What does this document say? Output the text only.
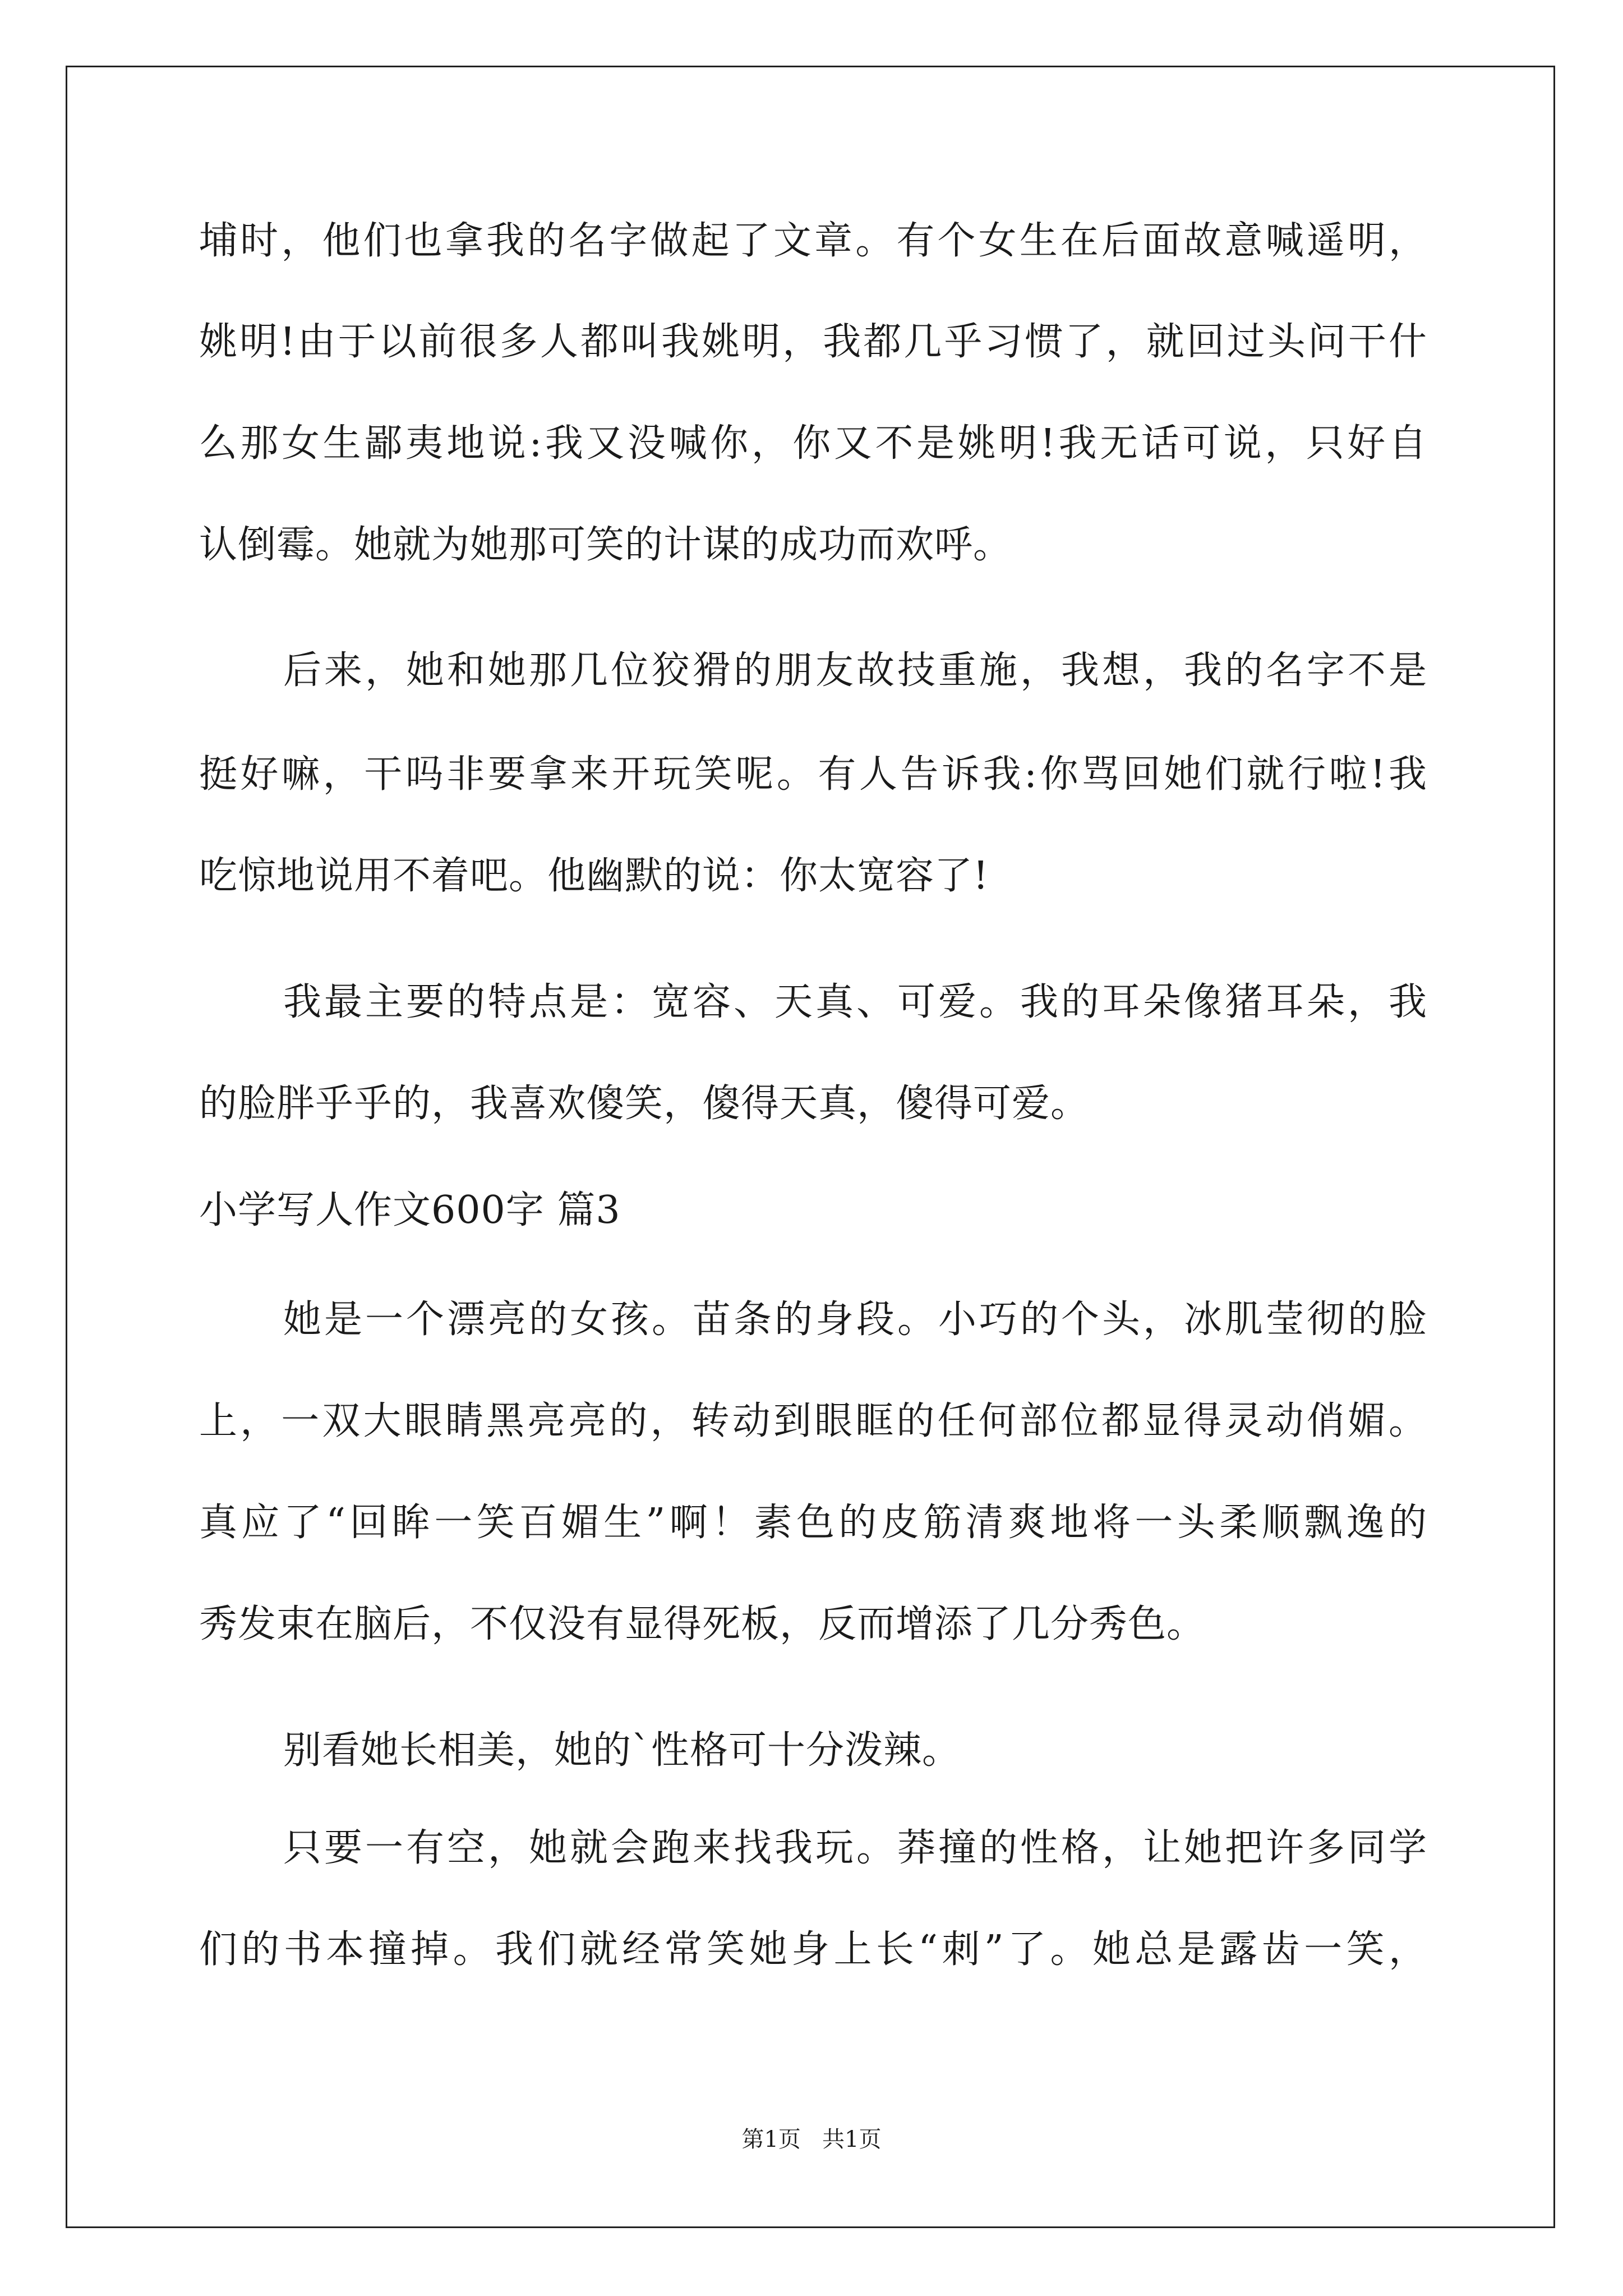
埔时，他们也拿我的名字做起了文章。有个女生在后面故意喊遥明，
姚明!由于以前很多人都叫我姚明，我都几乎习惯了，就回过头问干什
么那女生鄙夷地说:我又没喊你，你又不是姚明!我无话可说，只好自
认倒霉。她就为她那可笑的计谋的成功而欢呼。
后来，她和她那几位狡猾的朋友故技重施，我想，我的名字不是
挺好嘛，干吗非要拿来开玩笑呢。有人告诉我:你骂回她们就行啦!我
吃惊地说用不着吧。他幽默的说：你太宽容了!
我最主要的特点是：宽容、天真、可爱。我的耳朵像猪耳朵，我
的脸胖乎乎的，我喜欢傻笑，傻得天真，傻得可爱。
小学写人作文600字 篇3
她是一个漂亮的女孩。苗条的身段。小巧的个头，冰肌莹彻的脸
上，一双大眼睛黑亮亮的，转动到眼眶的任何部位都显得灵动俏媚。
真应了“回眸一笑百媚生”啊！素色的皮筋清爽地将一头柔顺飘逸的
秀发束在脑后，不仅没有显得死板，反而增添了几分秀色。
别看她长相美，她的`性格可十分泼辣。
只要一有空，她就会跑来找我玩。莽撞的性格，让她把许多同学
们的书本撞掉。我们就经常笑她身上长“刺”了。她总是露齿一笑，
第1页   共1页
